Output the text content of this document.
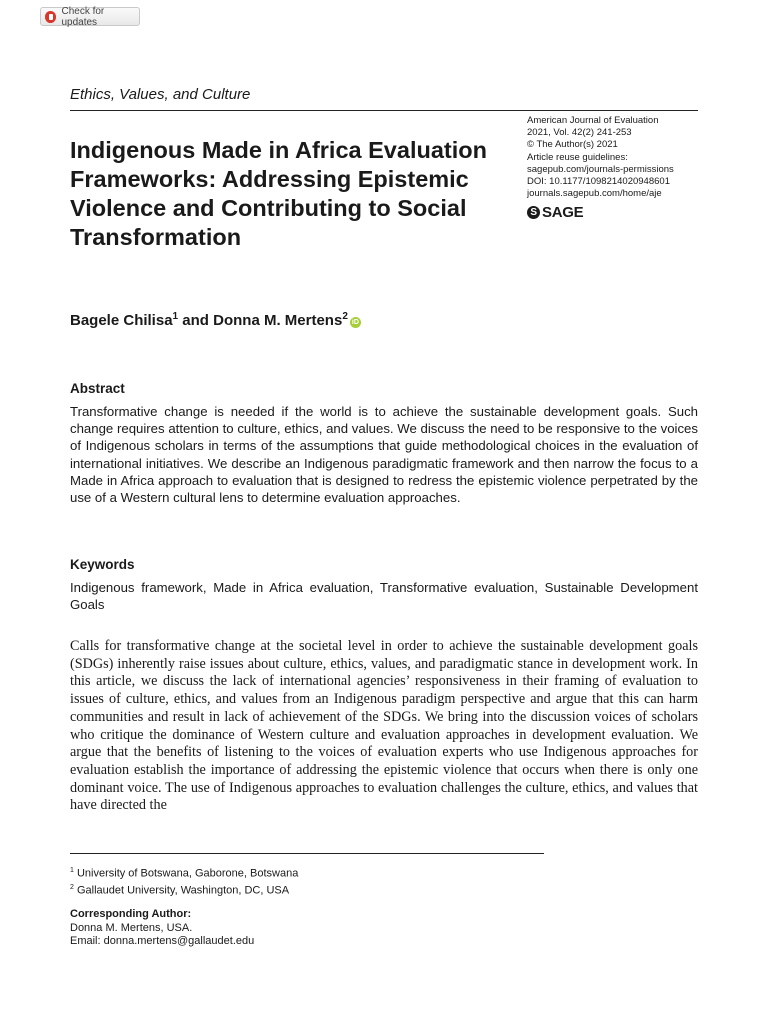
Check for updates
Ethics, Values, and Culture
American Journal of Evaluation
2021, Vol. 42(2) 241-253
© The Author(s) 2021
Article reuse guidelines:
sagepub.com/journals-permissions
DOI: 10.1177/1098214020948601
journals.sagepub.com/home/aje
S SAGE
Indigenous Made in Africa Evaluation Frameworks: Addressing Epistemic Violence and Contributing to Social Transformation
Bagele Chilisa$^1$ and Donna M. Mertens$^2$iD
Abstract
Transformative change is needed if the world is to achieve the sustainable development goals. Such change requires attention to culture, ethics, and values. We discuss the need to be responsive to the voices of Indigenous scholars in terms of the assumptions that guide methodological choices in the evaluation of international initiatives. We describe an Indigenous paradigmatic framework and then narrow the focus to a Made in Africa approach to evaluation that is designed to redress the epistemic violence perpetrated by the use of a Western cultural lens to determine evaluation approaches.
Keywords
Indigenous framework, Made in Africa evaluation, Transformative evaluation, Sustainable Development Goals
Calls for transformative change at the societal level in order to achieve the sustainable development goals (SDGs) inherently raise issues about culture, ethics, values, and paradigmatic stance in development work. In this article, we discuss the lack of international agencies’ responsiveness in their framing of evaluation to issues of culture, ethics, and values from an Indigenous paradigm perspective and argue that this can harm communities and result in lack of achievement of the SDGs. We bring into the discussion voices of scholars who critique the dominance of Western culture and evaluation approaches in development evaluation. We argue that the benefits of listening to the voices of evaluation experts who use Indigenous approaches for evaluation establish the importance of addressing the epistemic violence that occurs when there is only one dominant voice. The use of Indigenous approaches to evaluation challenges the culture, ethics, and values that have directed the
$^1$ University of Botswana, Gaborone, Botswana
$^2$ Gallaudet University, Washington, DC, USA
Corresponding Author:
Donna M. Mertens, USA.
Email: donna.mertens@gallaudet.edu
